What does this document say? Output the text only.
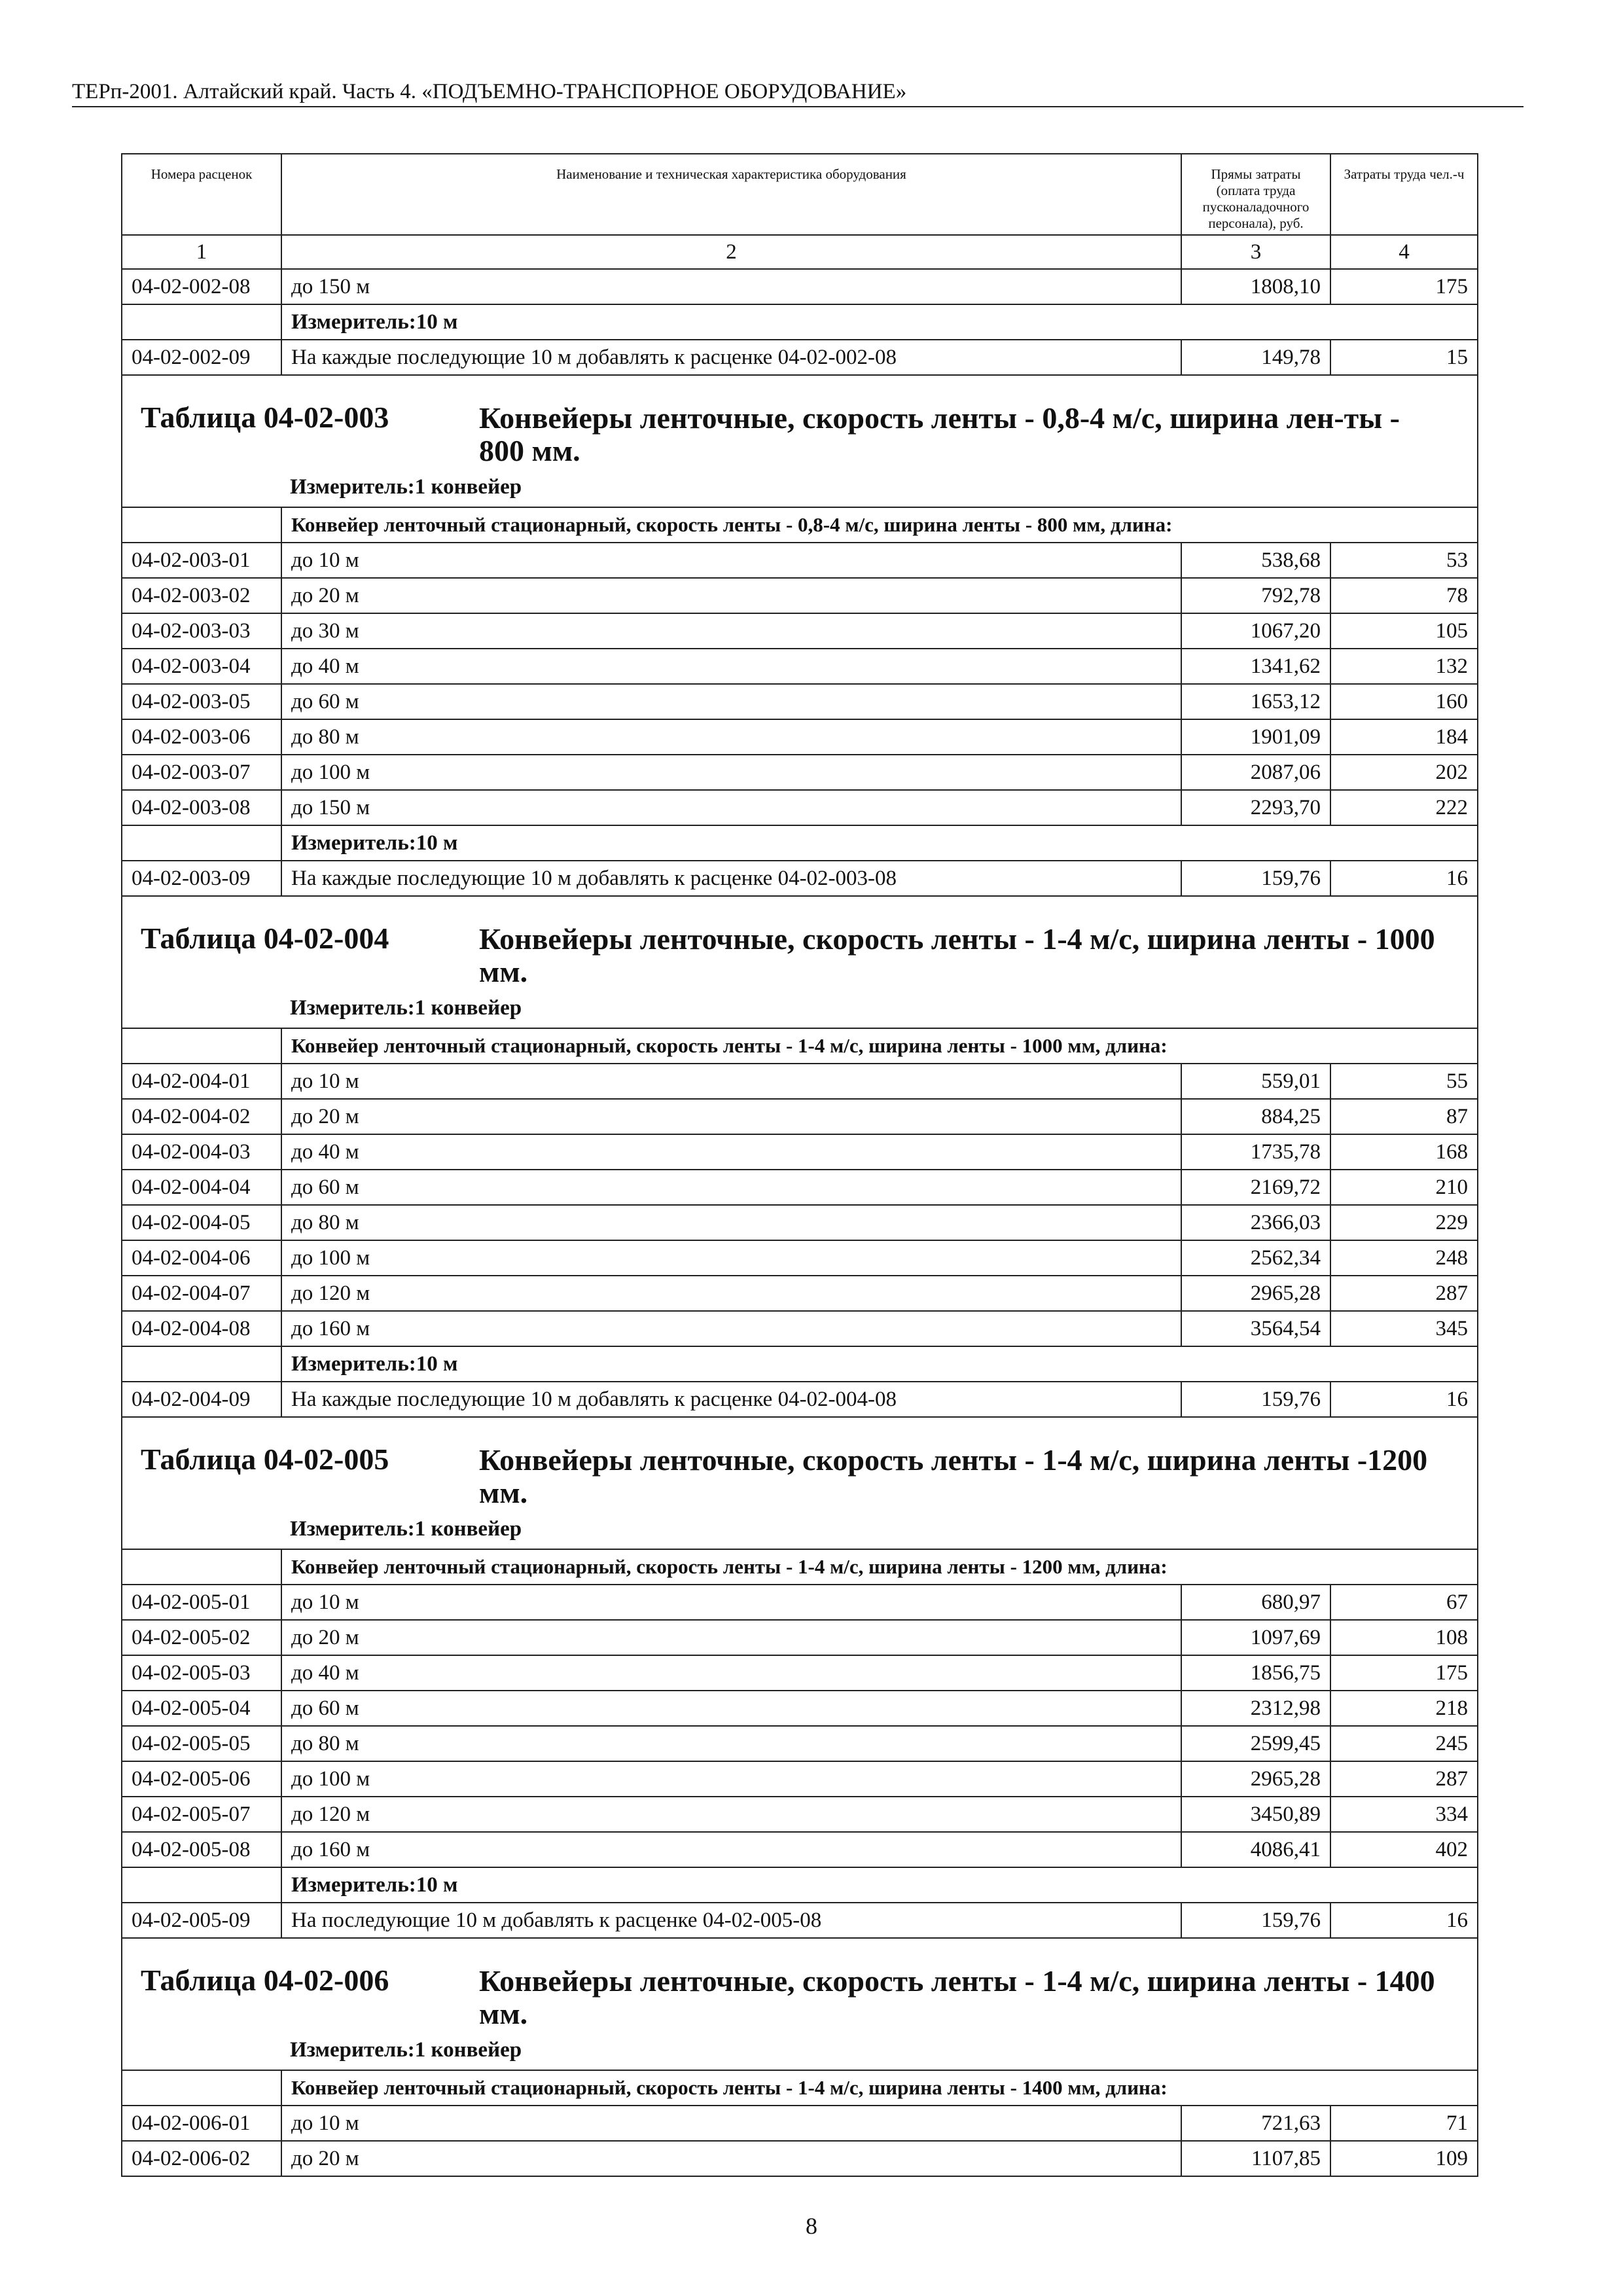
ТЕРп-2001. Алтайский край. Часть 4. «ПОДЪЕМНО-ТРАНСПОРНОЕ ОБОРУДОВАНИЕ»
Номера расценок	Наименование и техническая характеристика оборудования	Прямы затраты (оплата труда пусконаладочного персонала), руб.	Затраты труда чел.-ч
1	2	3	4
04-02-002-08	до 150 м	1808,10	175
	Измеритель:10 м		
04-02-002-09	На каждые последующие 10 м добавлять к расценке 04-02-002-08	149,78	15

Таблица 04-02-003 Конвейеры ленточные, скорость ленты - 0,8-4 м/с, ширина лен-ты - 800 мм.
Измеритель:1 конвейер			

	Конвейер ленточный стационарный, скорость ленты - 0,8-4 м/с, ширина ленты - 800 мм, длина:		
04-02-003-01	до 10 м	538,68	53
04-02-003-02	до 20 м	792,78	78
04-02-003-03	до 30 м	1067,20	105
04-02-003-04	до 40 м	1341,62	132
04-02-003-05	до 60 м	1653,12	160
04-02-003-06	до 80 м	1901,09	184
04-02-003-07	до 100 м	2087,06	202
04-02-003-08	до 150 м	2293,70	222
	Измеритель:10 м		
04-02-003-09	На каждые последующие 10 м добавлять к расценке 04-02-003-08	159,76	16

Таблица 04-02-004 Конвейеры ленточные, скорость ленты - 1-4 м/с, ширина ленты - 1000 мм.
Измеритель:1 конвейер			

	Конвейер ленточный стационарный, скорость ленты - 1-4 м/с, ширина ленты - 1000 мм, длина:		
04-02-004-01	до 10 м	559,01	55
04-02-004-02	до 20 м	884,25	87
04-02-004-03	до 40 м	1735,78	168
04-02-004-04	до 60 м	2169,72	210
04-02-004-05	до 80 м	2366,03	229
04-02-004-06	до 100 м	2562,34	248
04-02-004-07	до 120 м	2965,28	287
04-02-004-08	до 160 м	3564,54	345
	Измеритель:10 м		
04-02-004-09	На каждые последующие 10 м добавлять к расценке 04-02-004-08	159,76	16

Таблица 04-02-005 Конвейеры ленточные, скорость ленты - 1-4 м/с, ширина ленты -1200 мм.
Измеритель:1 конвейер			

	Конвейер ленточный стационарный, скорость ленты - 1-4 м/с, ширина ленты - 1200 мм, длина:		
04-02-005-01	до 10 м	680,97	67
04-02-005-02	до 20 м	1097,69	108
04-02-005-03	до 40 м	1856,75	175
04-02-005-04	до 60 м	2312,98	218
04-02-005-05	до 80 м	2599,45	245
04-02-005-06	до 100 м	2965,28	287
04-02-005-07	до 120 м	3450,89	334
04-02-005-08	до 160 м	4086,41	402
	Измеритель:10 м		
04-02-005-09	На последующие 10 м добавлять к расценке 04-02-005-08	159,76	16

Таблица 04-02-006 Конвейеры ленточные, скорость ленты - 1-4 м/с, ширина ленты - 1400 мм.
Измеритель:1 конвейер			

	Конвейер ленточный стационарный, скорость ленты - 1-4 м/с, ширина ленты - 1400 мм, длина:		
04-02-006-01	до 10 м	721,63	71
04-02-006-02	до 20 м	1107,85	109
8
